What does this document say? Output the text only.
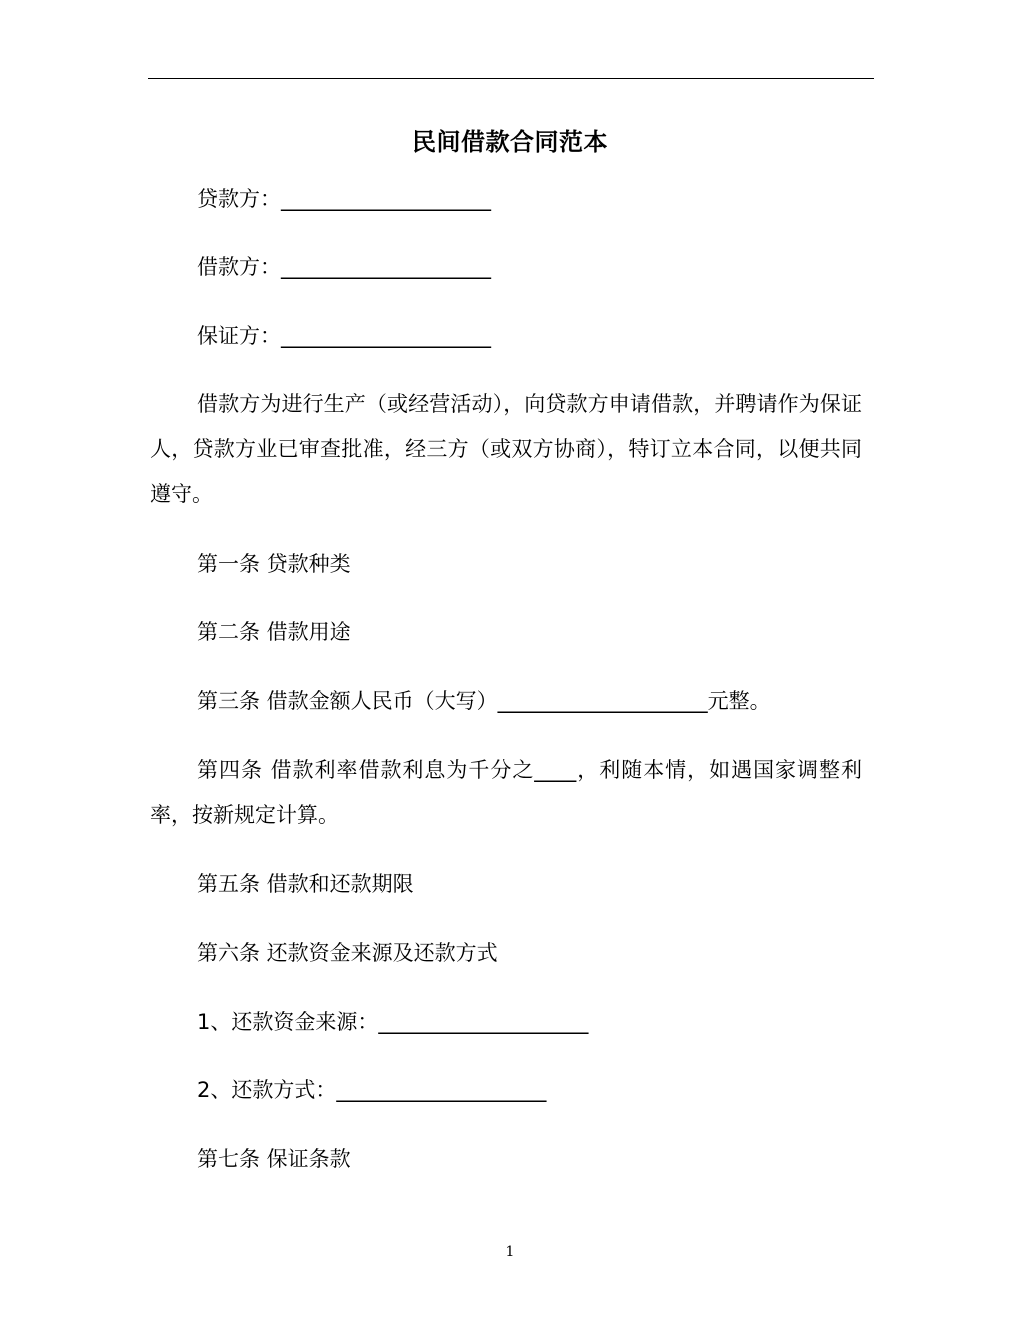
民间借款合同范本
贷款方：____________________
借款方：____________________
保证方：____________________
借款方为进行生产（或经营活动），向贷款方申请借款，并聘请作为保证人，贷款方业已审查批准，经三方（或双方协商），特订立本合同，以便共同遵守。
第一条 贷款种类
第二条 借款用途
第三条 借款金额人民币（大写）____________________元整。
第四条 借款利率借款利息为千分之____，利随本情，如遇国家调整利率，按新规定计算。
第五条 借款和还款期限
第六条 还款资金来源及还款方式
1、还款资金来源：____________________
2、还款方式：____________________
第七条 保证条款
1
